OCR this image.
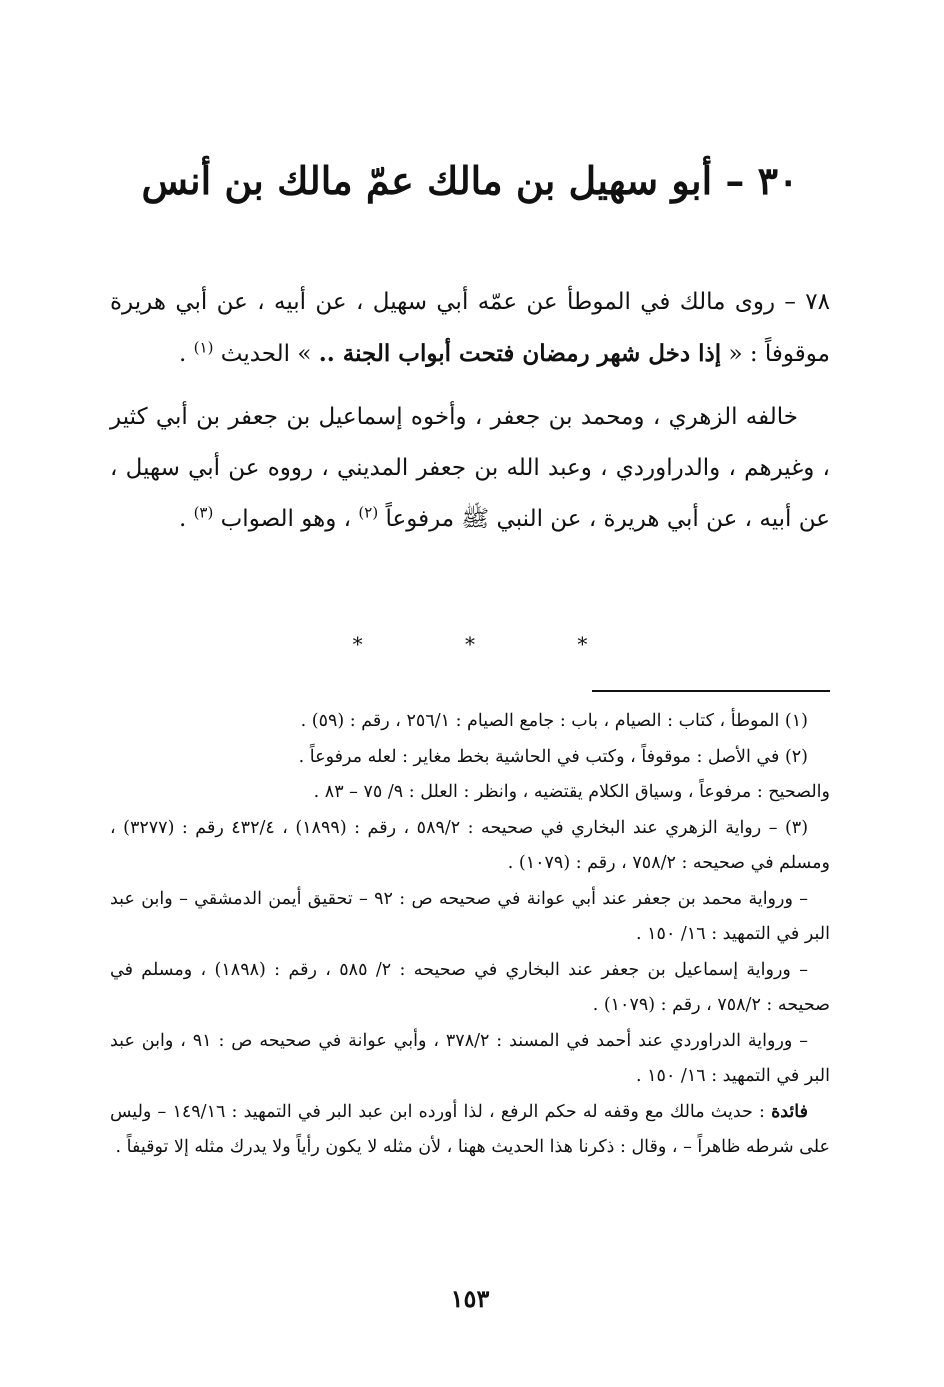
٣٠ – أبو سهيل بن مالك عمّ مالك بن أنس

٧٨ – روى مالك في الموطأ عن عمّه أبي سهيل ، عن أبيه ، عن أبي هريرة موقوفاً : « إذا دخل شهر رمضان فتحت أبواب الجنة .. » الحديث $^{(١)}$ .

خالفه الزهري ، ومحمد بن جعفر ، وأخوه إسماعيل بن جعفر بن أبي كثير ، وغيرهم ، والدراوردي ، وعبد الله بن جعفر المديني ، رووه عن أبي سهيل ، عن أبيه ، عن أبي هريرة ، عن النبي ﷺ مرفوعاً $^{(٢)}$ ، وهو الصواب $^{(٣)}$ .

* * *

(١) الموطأ ، كتاب : الصيام ، باب : جامع الصيام : ٢٥٦/١ ، رقم : (٥٩) .

(٢) في الأصل : موقوفاً ، وكتب في الحاشية بخط مغاير : لعله مرفوعاً .

والصحيح : مرفوعاً ، وسياق الكلام يقتضيه ، وانظر : العلل : ٩/ ٧٥ – ٨٣ .

(٣) – رواية الزهري عند البخاري في صحيحه : ٥٨٩/٢ ، رقم : (١٨٩٩) ، ٤٣٢/٤ رقم : (٣٢٧٧) ، ومسلم في صحيحه : ٧٥٨/٢ ، رقم : (١٠٧٩) .

– ورواية محمد بن جعفر عند أبي عوانة في صحيحه ص : ٩٢ – تحقيق أيمن الدمشقي – وابن عبد البر في التمهيد : ١٦/ ١٥٠ .

– ورواية إسماعيل بن جعفر عند البخاري في صحيحه : ٢/ ٥٨٥ ، رقم : (١٨٩٨) ، ومسلم في صحيحه : ٧٥٨/٢ ، رقم : (١٠٧٩) .

– ورواية الدراوردي عند أحمد في المسند : ٣٧٨/٢ ، وأبي عوانة في صحيحه ص : ٩١ ، وابن عبد البر في التمهيد : ١٦/ ١٥٠ .

فائدة : حديث مالك مع وقفه له حكم الرفع ، لذا أورده ابن عبد البر في التمهيد : ١٤٩/١٦ – وليس على شرطه ظاهراً – ، وقال : ذكرنا هذا الحديث ههنا ، لأن مثله لا يكون رأياً ولا يدرك مثله إلا توقيفاً .

١٥٣
